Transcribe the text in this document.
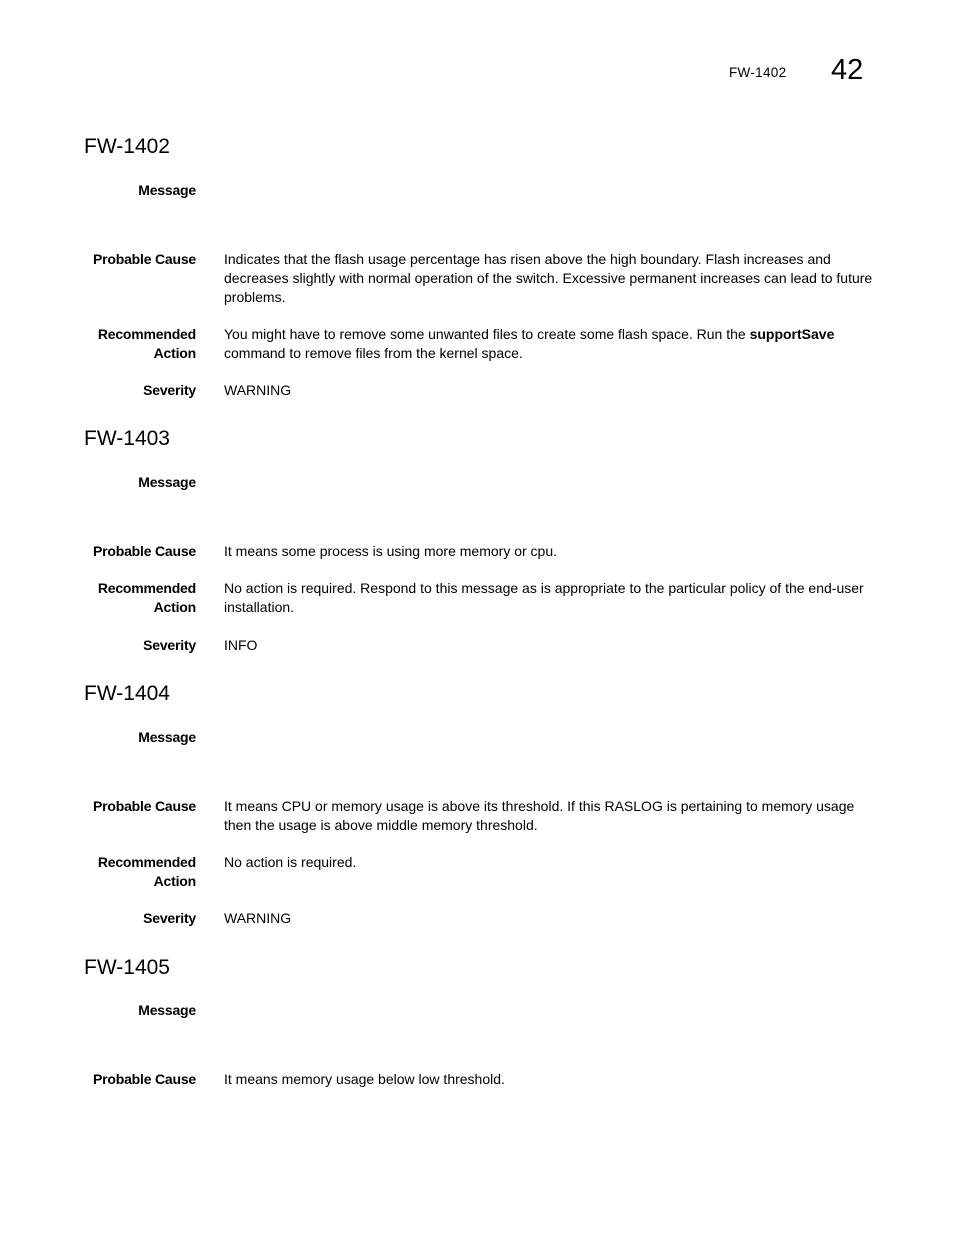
FW-1402 42
FW-1402
Message
Probable Cause Indicates that the flash usage percentage has risen above the high boundary. Flash increases and decreases slightly with normal operation of the switch. Excessive permanent increases can lead to future problems.
Recommended
Action
You might have to remove some unwanted files to create some flash space. Run the supportSave command to remove files from the kernel space.
Severity WARNING
FW-1403
Message
Probable Cause It means some process is using more memory or cpu.
Recommended
Action
No action is required. Respond to this message as is appropriate to the particular policy of the end-user installation.
Severity INFO
FW-1404
Message
Probable Cause It means CPU or memory usage is above its threshold. If this RASLOG is pertaining to memory usage then the usage is above middle memory threshold.
Recommended
Action
No action is required.
Severity WARNING
FW-1405
Message
Probable Cause It means memory usage below low threshold.
